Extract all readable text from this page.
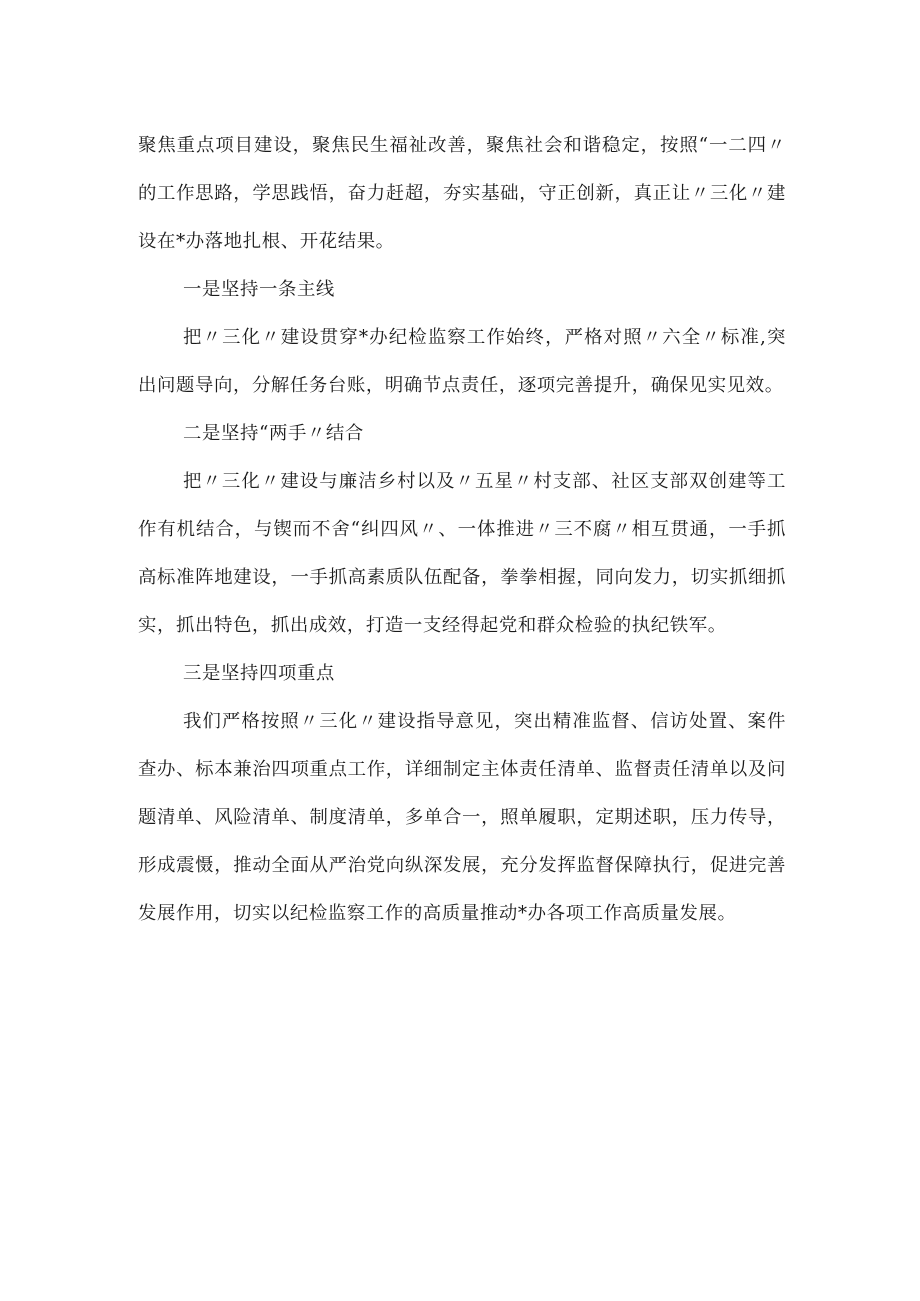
聚焦重点项目建设，聚焦民生福祉改善，聚焦社会和谐稳定，按照“一二四〃的工作思路，学思践悟，奋力赶超，夯实基础，守正创新，真正让〃三化〃建设在*办落地扎根、开花结果。

一是坚持一条主线

把〃三化〃建设贯穿*办纪检监察工作始终，严格对照〃六全〃标准,突出问题导向，分解任务台账，明确节点责任，逐项完善提升，确保见实见效。

二是坚持“两手〃结合

把〃三化〃建设与廉洁乡村以及〃五星〃村支部、社区支部双创建等工作有机结合，与锲而不舍“纠四风〃、一体推进〃三不腐〃相互贯通，一手抓高标准阵地建设，一手抓高素质队伍配备，拳拳相握，同向发力，切实抓细抓实，抓出特色，抓出成效，打造一支经得起党和群众检验的执纪铁军。

三是坚持四项重点

我们严格按照〃三化〃建设指导意见，突出精准监督、信访处置、案件查办、标本兼治四项重点工作，详细制定主体责任清单、监督责任清单以及问题清单、风险清单、制度清单，多单合一，照单履职，定期述职，压力传导，形成震慑，推动全面从严治党向纵深发展，充分发挥监督保障执行，促进完善发展作用，切实以纪检监察工作的高质量推动*办各项工作高质量发展。
